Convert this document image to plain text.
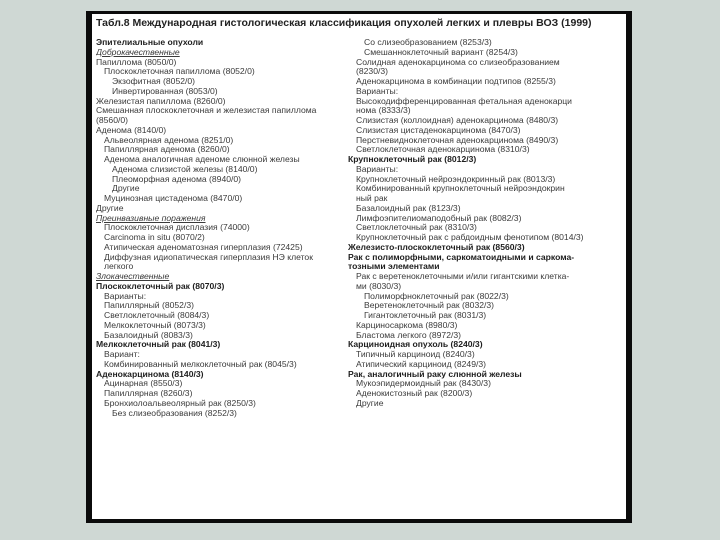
Табл.8 Международная гистологическая классификация опухолей легких и плевры ВОЗ (1999)
Эпителиальные опухоли
Доброкачественные
Папиллома (8050/0)
Плоскоклеточная папиллома (8052/0)
Экзофитная (8052/0)
Инвертированная (8053/0)
Железистая папиллома (8260/0)
Смешанная плоскоклеточная и железистая папиллома
(8560/0)
Аденома (8140/0)
Альвеолярная аденома (8251/0)
Папиллярная аденома (8260/0)
Аденома аналогичная аденоме слюнной железы
Аденома слизистой железы (8140/0)
Плеоморфная аденома (8940/0)
Другие
Муцинозная цистаденома (8470/0)
Другие
Преинвазивные поражения
Плоскоклеточная дисплазия (74000)
Carcinoma in situ (8070/2)
Атипическая аденоматозная гиперплазия (72425)
Диффузная идиопатическая гиперплазия НЭ клеток
легкого
Злокачественные
Плоскоклеточный рак (8070/3)
Варианты:
Папиллярный (8052/3)
Светлоклеточный (8084/3)
Мелкоклеточный (8073/3)
Базалоидный (8083/3)
Мелкоклеточный рак (8041/3)
Вариант:
Комбинированный мелкоклеточный рак (8045/3)
Аденокарцинома (8140/3)
Ацинарная (8550/3)
Папиллярная (8260/3)
Бронхиолоальвеолярный рак (8250/3)
Без слизеобразования (8252/3)
Со слизеобразованием (8253/3)
Смешанноклеточный вариант (8254/3)
Солидная аденокарцинома со слизеобразованием
(8230/3)
Аденокарцинома в комбинации подтипов (8255/3)
Варианты:
Высокодифференцированная фетальная аденокарци
нома (8333/3)
Слизистая (коллоидная) аденокарцинома (8480/3)
Слизистая цистаденокарцинома (8470/3)
Перстневидноклеточная аденокарцинома (8490/3)
Светлоклеточная аденокарцинома (8310/3)
Крупноклеточный рак (8012/3)
Варианты:
Крупноклеточный нейроэндокринный рак (8013/3)
Комбинированный крупноклеточный нейроэндокрин
ный рак
Базалоидный рак (8123/3)
Лимфоэпителиомаподобный рак (8082/3)
Светлоклеточный рак (8310/3)
Крупноклеточный рак с рабдоидным фенотипом (8014/3)
Железисто-плоскоклеточный рак (8560/3)
Рак с полиморфными, саркоматоидными и саркома-
тозными элементами
Рак с веретеноклеточными и/или гигантскими клетка-
ми (8030/3)
Полиморфноклеточный рак (8022/3)
Веретеноклеточный рак (8032/3)
Гигантоклеточный рак (8031/3)
Карциносаркома (8980/3)
Бластома легкого (8972/3)
Карциноидная опухоль (8240/3)
Типичный карциноид (8240/3)
Атипический карциноид (8249/3)
Рак, аналогичный раку слюнной железы
Мукоэпидермоидный рак (8430/3)
Аденокистозный рак (8200/3)
Другие
